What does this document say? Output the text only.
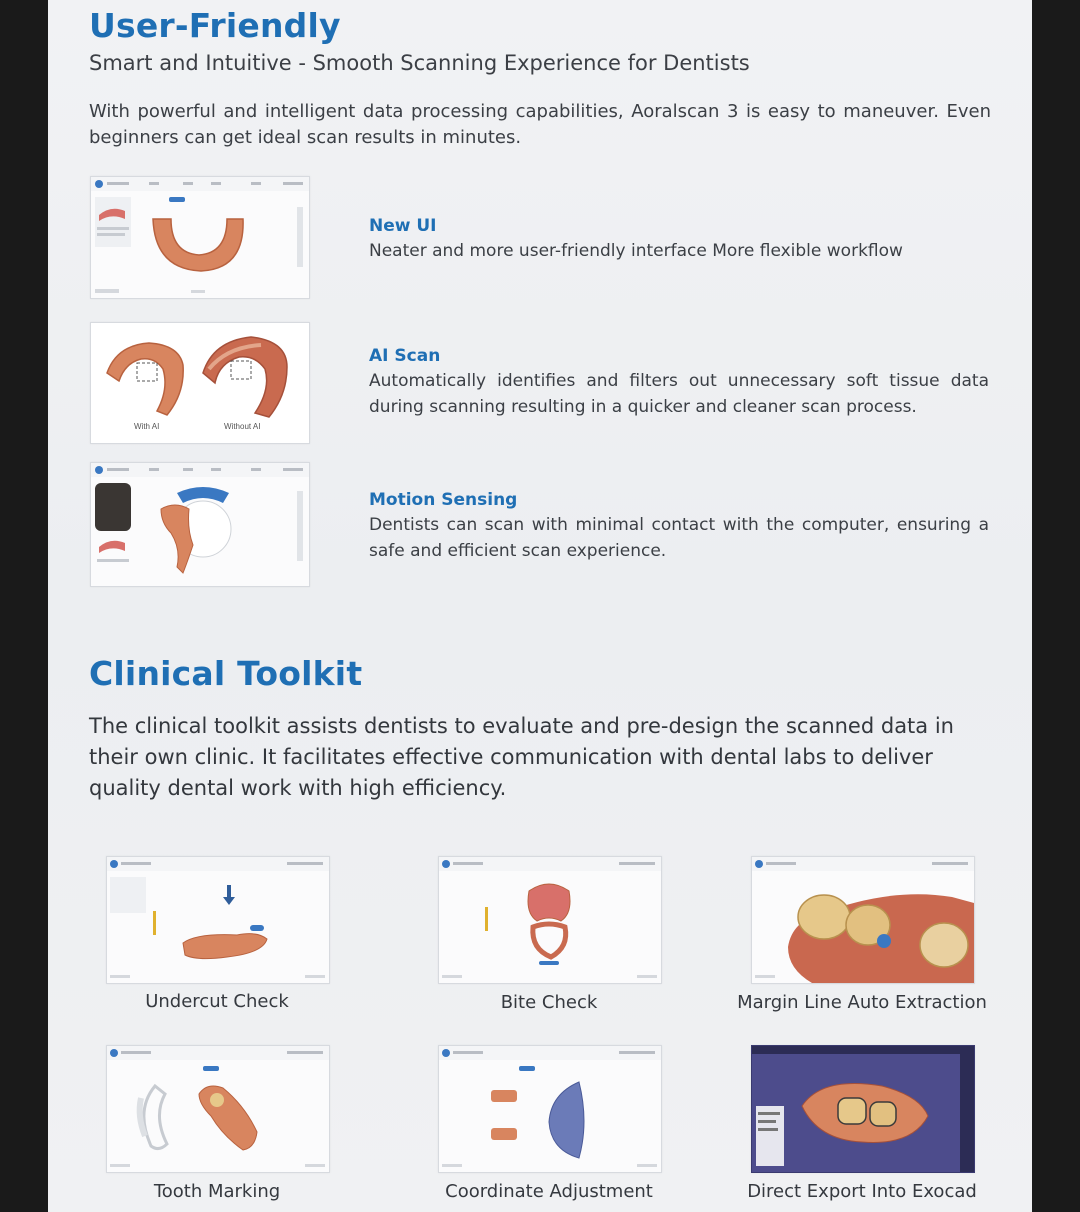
User-Friendly
Smart and Intuitive - Smooth Scanning Experience for Dentists
With powerful and intelligent data processing capabilities, Aoralscan 3 is easy to maneuver. Even beginners can get ideal scan results in minutes.
New UI
Neater and more user-friendly interface More flexible workflow
With AI	Without AI
AI Scan
Automatically identifies and filters out unnecessary soft tissue data during scanning resulting in a quicker and cleaner scan process.
Motion Sensing
Dentists can scan with minimal contact with the computer, ensuring a safe and efficient scan experience.
Clinical Toolkit
The clinical toolkit assists dentists to evaluate and pre-design the scanned data in their own clinic. It facilitates effective communication with dental labs to deliver quality dental work with high efficiency.
Undercut Check	Bite Check	Margin Line Auto Extraction
Tooth Marking	Coordinate Adjustment	Direct Export Into Exocad
